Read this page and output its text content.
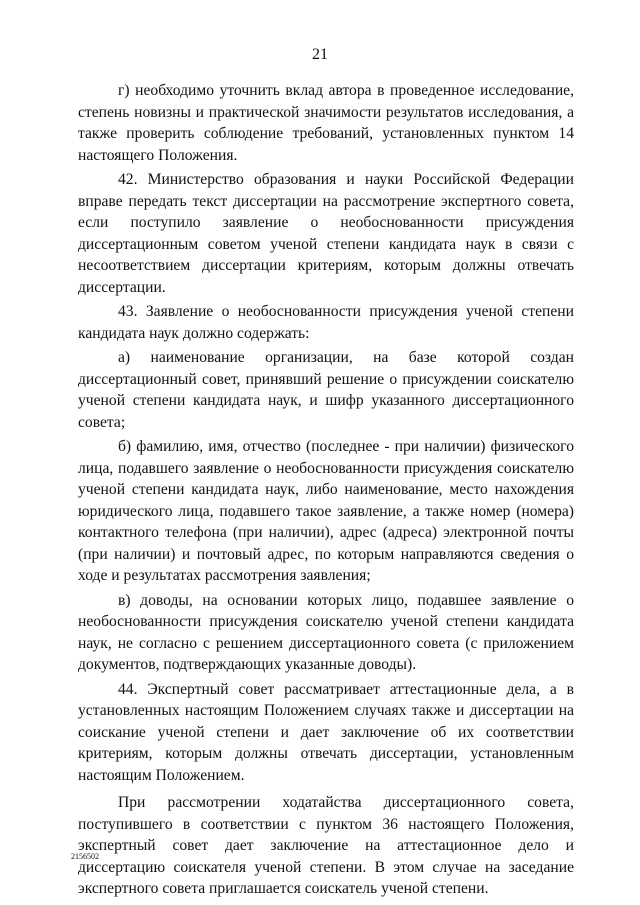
21

г) необходимо уточнить вклад автора в проведенное исследование, степень новизны и практической значимости результатов исследования, а также проверить соблюдение требований, установленных пунктом 14 настоящего Положения.

42. Министерство образования и науки Российской Федерации вправе передать текст диссертации на рассмотрение экспертного совета, если поступило заявление о необоснованности присуждения диссертационным советом ученой степени кандидата наук в связи с несоответствием диссертации критериям, которым должны отвечать диссертации.

43. Заявление о необоснованности присуждения ученой степени кандидата наук должно содержать:

а) наименование организации, на базе которой создан диссертационный совет, принявший решение о присуждении соискателю ученой степени кандидата наук, и шифр указанного диссертационного совета;

б) фамилию, имя, отчество (последнее - при наличии) физического лица, подавшего заявление о необоснованности присуждения соискателю ученой степени кандидата наук, либо наименование, место нахождения юридического лица, подавшего такое заявление, а также номер (номера) контактного телефона (при наличии), адрес (адреса) электронной почты (при наличии) и почтовый адрес, по которым направляются сведения о ходе и результатах рассмотрения заявления;

в) доводы, на основании которых лицо, подавшее заявление о необоснованности присуждения соискателю ученой степени кандидата наук, не согласно с решением диссертационного совета (с приложением документов, подтверждающих указанные доводы).

44. Экспертный совет рассматривает аттестационные дела, а в установленных настоящим Положением случаях также и диссертации на соискание ученой степени и дает заключение об их соответствии критериям, которым должны отвечать диссертации, установленным настоящим Положением.

При рассмотрении ходатайства диссертационного совета, поступившего в соответствии с пунктом 36 настоящего Положения, экспертный совет дает заключение на аттестационное дело и диссертацию соискателя ученой степени. В этом случае на заседание экспертного совета приглашается соискатель ученой степени.

2156502
